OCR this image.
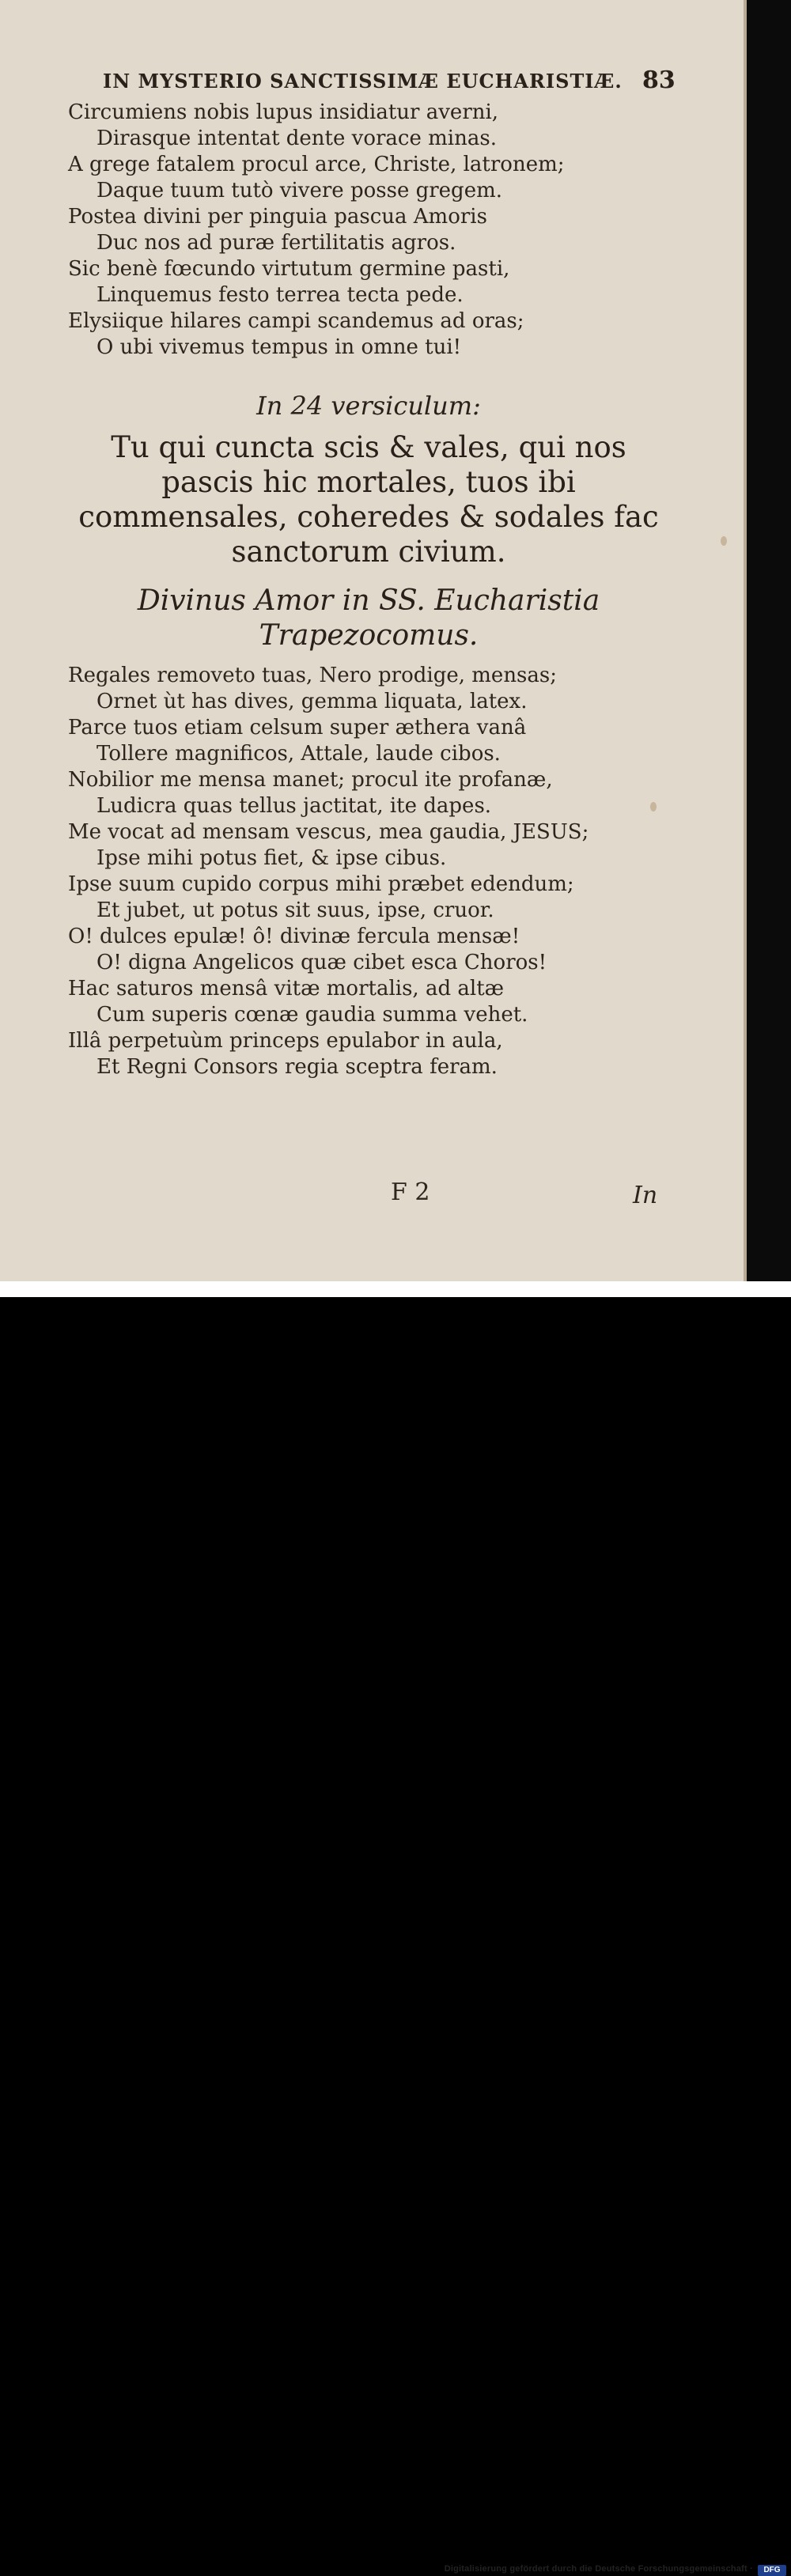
IN MYSTERIO SANCTISSIMÆ EUCHARISTIÆ. 83
Circumiens nobis lupus insidiatur averni,
Dirasque intentat dente vorace minas.
A grege fatalem procul arce, Christe, latronem;
Daque tuum tutò vivere posse gregem.
Postea divini per pinguia pascua Amoris
Duc nos ad puræ fertilitatis agros.
Sic benè fœcundo virtutum germine pasti,
Linquemus festo terrea tecta pede.
Elysiique hilares campi scandemus ad oras;
O ubi vivemus tempus in omne tui!
In 24 versiculum:
Tu qui cuncta scis & vales, qui nos pascis hic mortales, tuos ibi commensales, coheredes & sodales fac sanctorum civium.
Divinus Amor in SS. Eucharistia Trapezocomus.
Regales removeto tuas, Nero prodige, mensas;
Ornet ùt has dives, gemma liquata, latex.
Parce tuos etiam celsum super æthera vanâ
Tollere magnificos, Attale, laude cibos.
Nobilior me mensa manet; procul ite profanæ,
Ludicra quas tellus jactitat, ite dapes.
Me vocat ad mensam vescus, mea gaudia, JESUS;
Ipse mihi potus fiet, & ipse cibus.
Ipse suum cupido corpus mihi præbet edendum;
Et jubet, ut potus sit suus, ipse, cruor.
O! dulces epulæ! ô! divinæ fercula mensæ!
O! digna Angelicos quæ cibet esca Choros!
Hac saturos mensâ vitæ mortalis, ad altæ
Cum superis cœnæ gaudia summa vehet.
Illâ perpetuùm princeps epulabor in aula,
Et Regni Consors regia sceptra feram.
F 2	In
Digitalisierung gefördert durch die Deutsche Forschungsgemeinschaft ·	DFG
